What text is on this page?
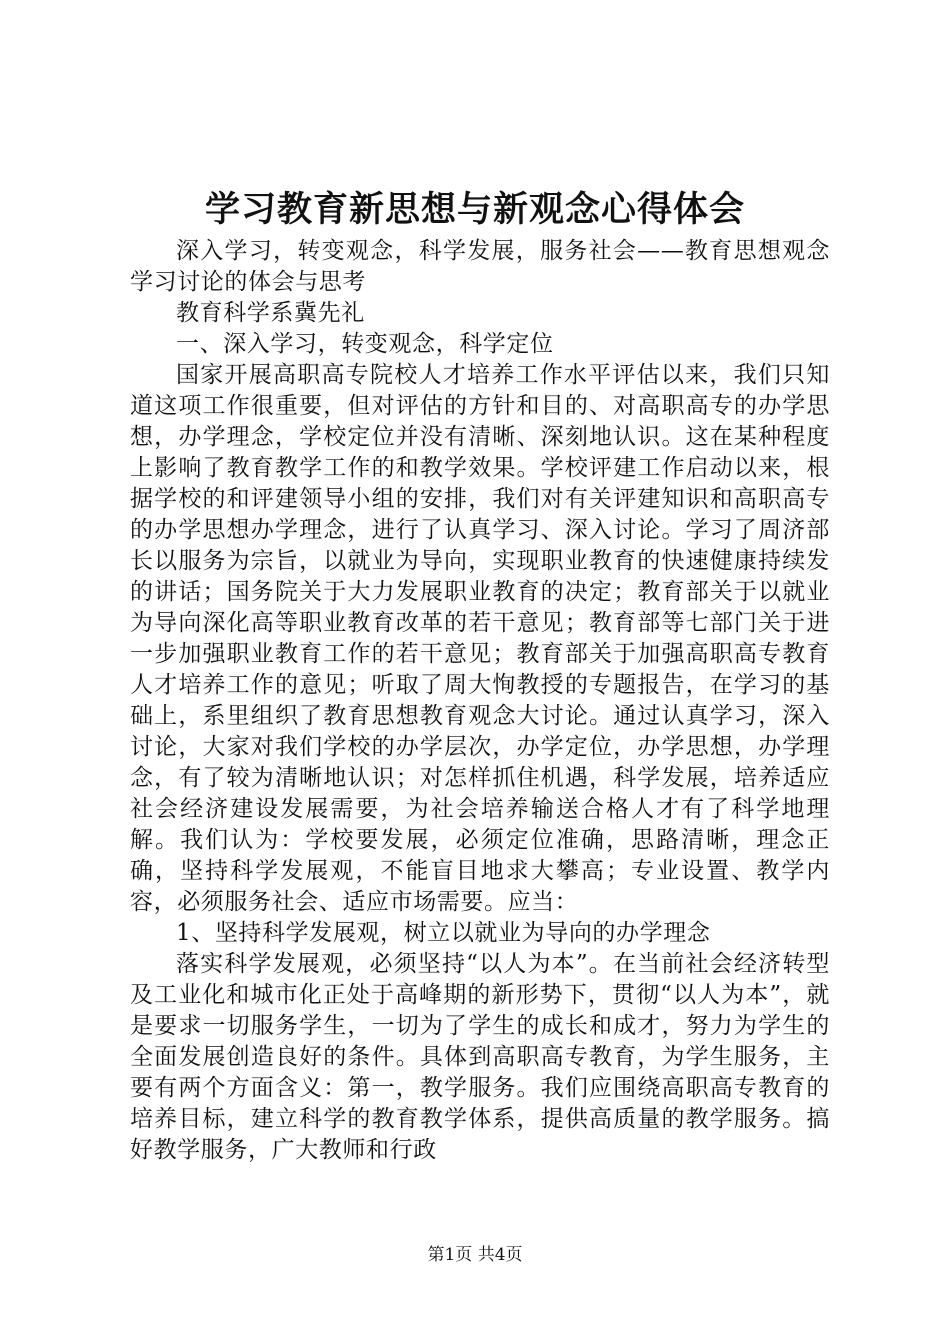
学习教育新思想与新观念心得体会

深入学习，转变观念，科学发展，服务社会——教育思想观念学习讨论的体会与思考

教育科学系冀先礼

一、深入学习，转变观念，科学定位

国家开展高职高专院校人才培养工作水平评估以来，我们只知道这项工作很重要，但对评估的方针和目的、对高职高专的办学思想，办学理念，学校定位并没有清晰、深刻地认识。这在某种程度上影响了教育教学工作的和教学效果。学校评建工作启动以来，根据学校的和评建领导小组的安排，我们对有关评建知识和高职高专的办学思想办学理念，进行了认真学习、深入讨论。学习了周济部长以服务为宗旨，以就业为导向，实现职业教育的快速健康持续发的讲话；国务院关于大力发展职业教育的决定；教育部关于以就业为导向深化高等职业教育改革的若干意见；教育部等七部门关于进一步加强职业教育工作的若干意见；教育部关于加强高职高专教育人才培养工作的意见；听取了周大恂教授的专题报告，在学习的基础上，系里组织了教育思想教育观念大讨论。通过认真学习，深入讨论，大家对我们学校的办学层次，办学定位，办学思想，办学理念，有了较为清晰地认识；对怎样抓住机遇，科学发展，培养适应社会经济建设发展需要，为社会培养输送合格人才有了科学地理解。我们认为：学校要发展，必须定位准确，思路清晰，理念正确，坚持科学发展观，不能盲目地求大攀高；专业设置、教学内容，必须服务社会、适应市场需要。应当：

1、坚持科学发展观，树立以就业为导向的办学理念

落实科学发展观，必须坚持“以人为本”。在当前社会经济转型及工业化和城市化正处于高峰期的新形势下，贯彻“以人为本”，就是要求一切服务学生，一切为了学生的成长和成才，努力为学生的全面发展创造良好的条件。具体到高职高专教育，为学生服务，主要有两个方面含义：第一，教学服务。我们应围绕高职高专教育的培养目标，建立科学的教育教学体系，提供高质量的教学服务。搞好教学服务，广大教师和行政

第1页 共4页
